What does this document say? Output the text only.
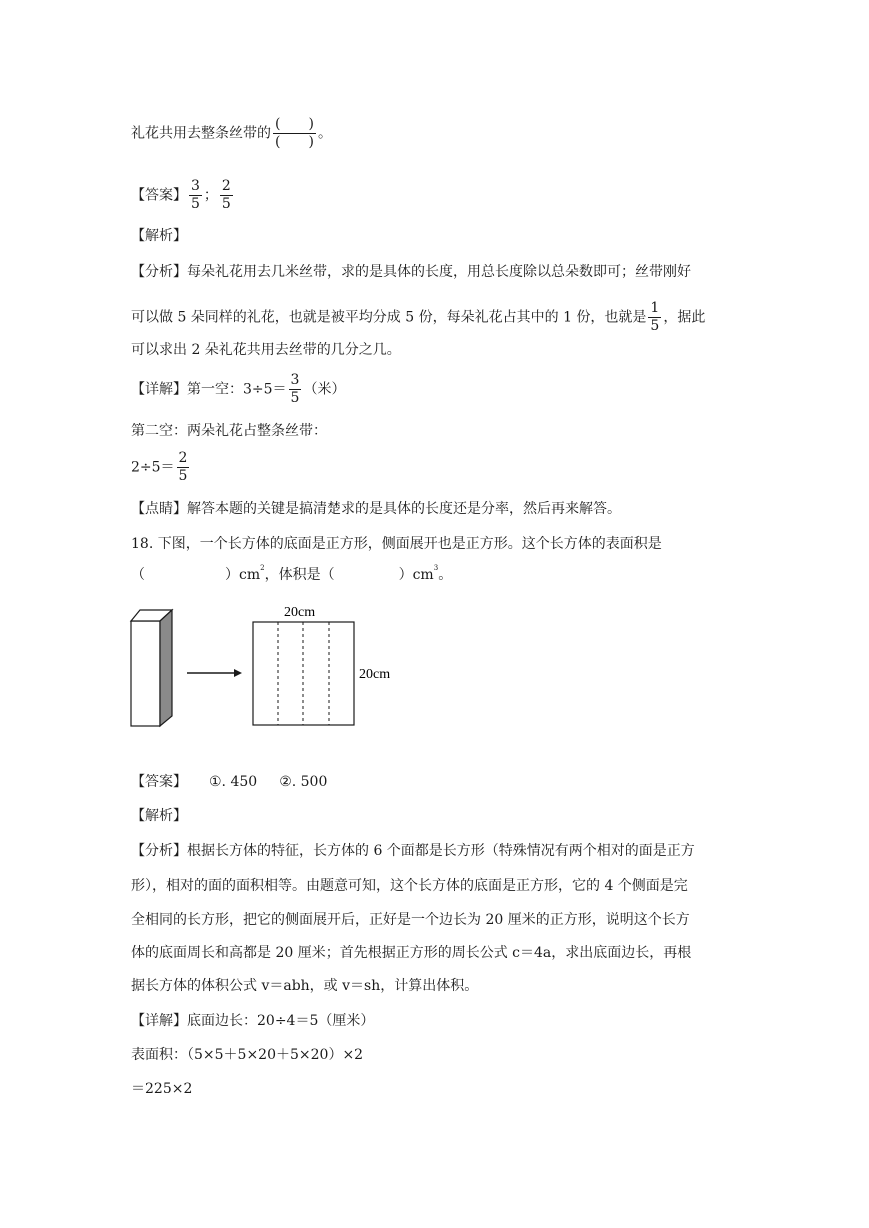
礼花共用去整条丝带的 $\frac{( )}{( )}$ 。
【答案】 $\frac{3}{5}$ ； $\frac{2}{5}$
【解析】
【分析】每朵礼花用去几米丝带，求的是具体的长度，用总长度除以总朵数即可；丝带刚好
可以做 5 朵同样的礼花，也就是被平均分成 5 份，每朵礼花占其中的 1 份，也就是 $\frac{1}{5}$ ，据此
可以求出 2 朵礼花共用去丝带的几分之几。
【详解】第一空：$3\div 5= \frac{3}{5}$ （米）
第二空：两朵礼花占整条丝带：
$2\div 5= \frac{2}{5}$
【点睛】解答本题的关键是搞清楚求的是具体的长度还是分率，然后再来解答。
18. 下图，一个长方体的底面是正方形，侧面展开也是正方形。这个长方体的表面积是
（	）$cm^2$，体积是（	）$cm^3$。
20cm
20cm
【答案】 ①. 450 ②. 500
【解析】
【分析】根据长方体的特征，长方体的 6 个面都是长方形（特殊情况有两个相对的面是正方
形），相对的面的面积相等。由题意可知，这个长方体的底面是正方形，它的 4 个侧面是完
全相同的长方形，把它的侧面展开后，正好是一个边长为 20 厘米的正方形，说明这个长方
体的底面周长和高都是 20 厘米；首先根据正方形的周长公式 c＝4a，求出底面边长，再根
据长方体的体积公式 v＝abh，或 v＝sh，计算出体积。
【详解】底面边长：20÷4＝5（厘米）
表面积：（5×5＋5×20＋5×20）×2
＝225×2
